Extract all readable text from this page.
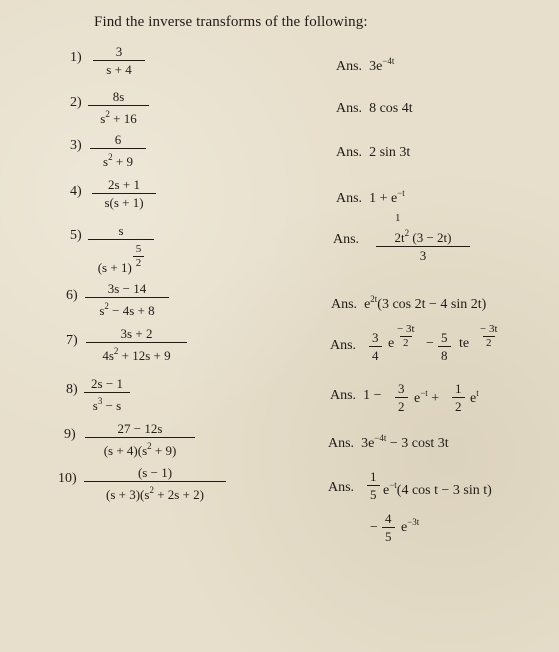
Find the inverse transforms of the following:
$1) \frac{3}{s + 4}$
$2) \frac{8s}{s^2 + 16}$
$3) \frac{6}{s^2 + 9}$
$4) \frac{2s + 1}{s(s + 1)}$
$5) \frac{s}{(s + 1) \frac{5}{2}}$
$6) \frac{3s - 14}{s^2 - 4s + 8}$
$7) \frac{3s + 2}{4s^2 + 12s + 9}$
$8) \frac{2s - 1}{s^3 - s}$
$9) \frac{27 - 12s}{(s + 4)(s^2 + 9)}$
$10) \frac{(s - 1)}{(s + 3)(s^2 + 2s + 2)}$
Ans. $3e^{-4t}$
Ans. 8 cos 4t
Ans. 2 sin 3t
Ans. $1 + e^{-t}$
Ans.
1
$\frac{2t^2 (3 - 2t)}{3}$
Ans. $e^{2t}(3$ cos 2t − 4 sin 2t)
Ans. $\frac{3}{4}$ e $\frac{- 3t}{2} - \frac{5}{8}$ te $\frac{- 3t}{2}$
Ans. $1 - \frac{3}{2} e^{-t} + \frac{1}{2} e^t$
Ans. $3e^{-4t} - 3$ cost 3t
Ans. $\frac{1}{5} e^{-t}(4$ cos t − 3 sin t)
− $\frac{4}{5} e^{-3t}$
